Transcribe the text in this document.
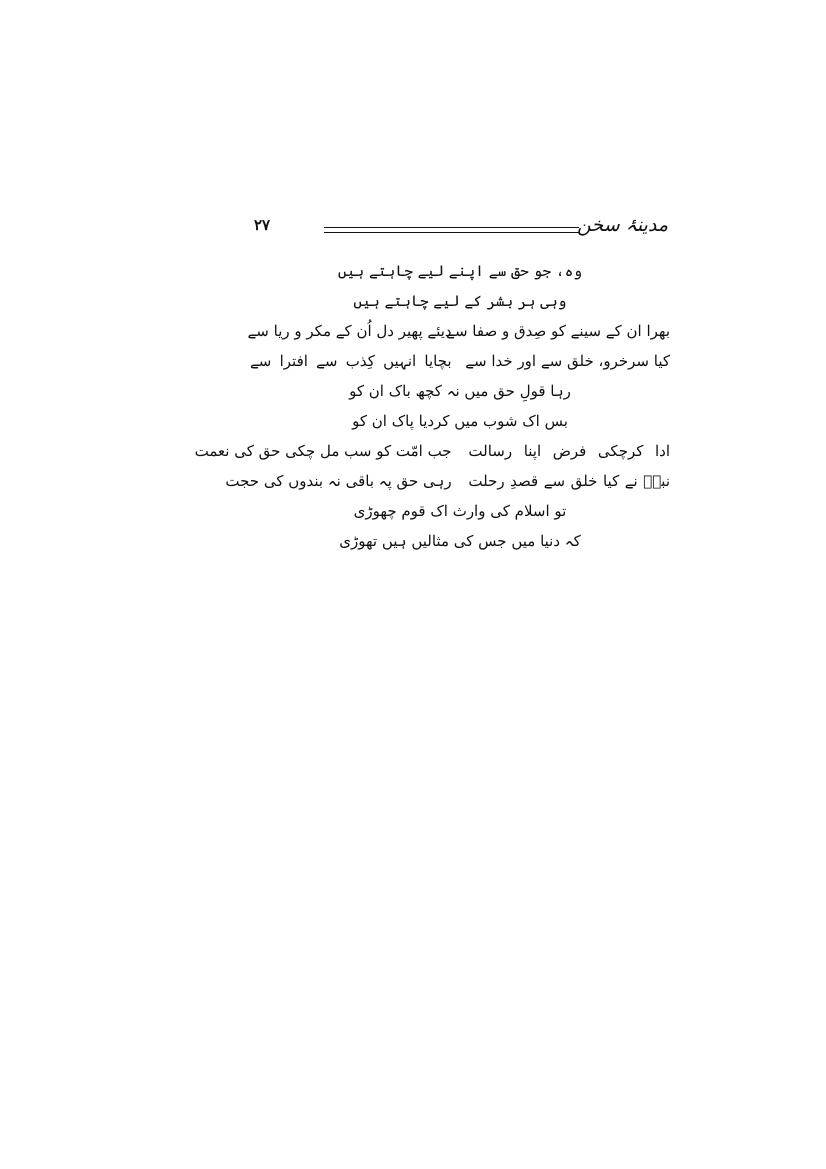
۲۷	مدینۂ سخن
وہ، جو حق سے اپنے لیے چاہتے ہیں
وہی ہر بشر کے لیے چاہتے ہیں
بھرا ان کے سینے کو صِدق و صفا سے
دیئے پھیر دل اُن کے مکر و ریا سے
کیا سرخرو، خلق سے اور خدا سے
بچایا انہیں کِذب سے افترا سے
رہا قولِ حق میں نہ کچھ باک ان کو
بس اک شوب میں کردیا پاک ان کو
ادا کرچکی فرض اپنا رسالت
جب امّت کو سب مل چکی حق کی نعمت
نبیؐ نے کیا خلق سے قصدِ رحلت
رہی حق پہ باقی نہ بندوں کی حجت
تو اسلام کی وارث اک قوم چھوڑی
کہ دنیا میں جس کی مثالیں ہیں تھوڑی
